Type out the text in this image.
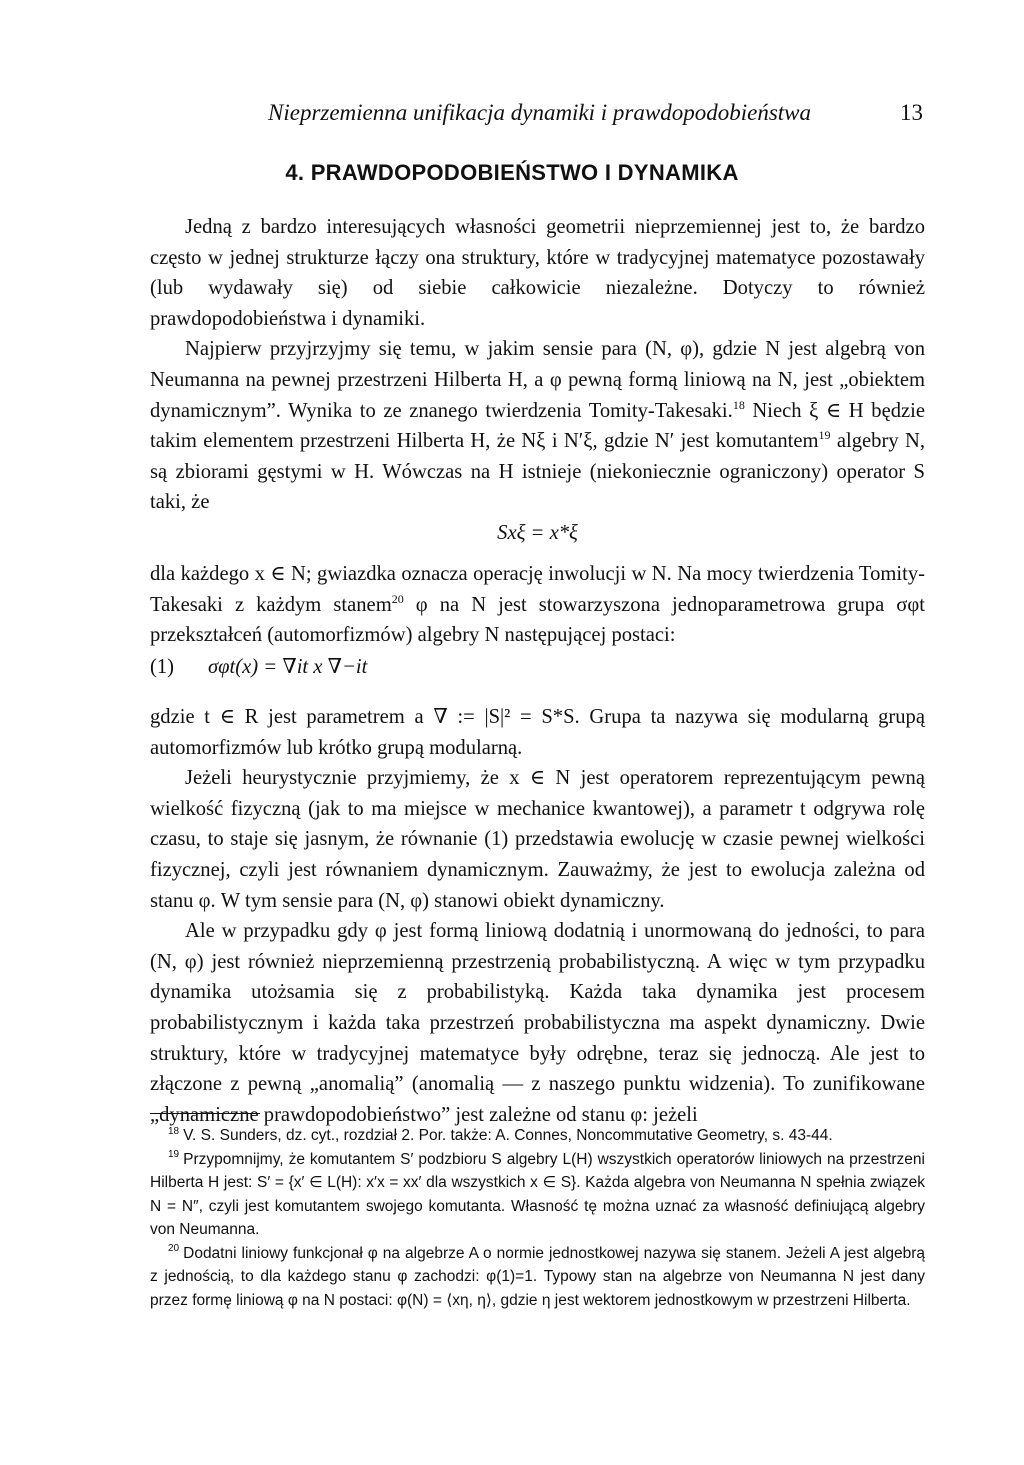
Nieprzemienna unifikacja dynamiki i prawdopodobieństwa	13
4. PRAWDOPODOBIEŃSTWO I DYNAMIKA

Jedną z bardzo interesujących własności geometrii nieprzemiennej jest to, że bardzo często w jednej strukturze łączy ona struktury, które w tradycyjnej matematyce pozostawały (lub wydawały się) od siebie całkowicie niezależne. Dotyczy to również prawdopodobieństwa i dynamiki.

Najpierw przyjrzyjmy się temu, w jakim sensie para (N, φ), gdzie N jest algebrą von Neumanna na pewnej przestrzeni Hilberta H, a φ pewną formą liniową na N, jest „obiektem dynamicznym”. Wynika to ze znanego twierdzenia Tomity-Takesaki.$^{18}$ Niech ξ ∈ H będzie takim elementem przestrzeni Hilberta H, że Nξ i N′ξ, gdzie N′ jest komutantem$^{19}$ algebry N, są zbiorami gęstymi w H. Wówczas na H istnieje (niekoniecznie ograniczony) operator S taki, że

Sxξ = x*ξ

dla każdego x ∈ N; gwiazdka oznacza operację inwolucji w N. Na mocy twierdzenia Tomity-Takesaki z każdym stanem$^{20}$ φ na N jest stowarzyszona jednoparametrowa grupa σφt przekształceń (automorfizmów) algebry N następującej postaci:

(1) σφt(x) = ∇it x ∇−it

gdzie t ∈ R jest parametrem a ∇ := |S|² = S*S. Grupa ta nazywa się modularną grupą automorfizmów lub krótko grupą modularną.

Jeżeli heurystycznie przyjmiemy, że x ∈ N jest operatorem reprezentującym pewną wielkość fizyczną (jak to ma miejsce w mechanice kwantowej), a parametr t odgrywa rolę czasu, to staje się jasnym, że równanie (1) przedstawia ewolucję w czasie pewnej wielkości fizycznej, czyli jest równaniem dynamicznym. Zauważmy, że jest to ewolucja zależna od stanu φ. W tym sensie para (N, φ) stanowi obiekt dynamiczny.

Ale w przypadku gdy φ jest formą liniową dodatnią i unormowaną do jedności, to para (N, φ) jest również nieprzemienną przestrzenią probabilistyczną. A więc w tym przypadku dynamika utożsamia się z probabilistyką. Każda taka dynamika jest procesem probabilistycznym i każda taka przestrzeń probabilistyczna ma aspekt dynamiczny. Dwie struktury, które w tradycyjnej matematyce były odrębne, teraz się jednoczą. Ale jest to złączone z pewną „anomalią” (anomalią — z naszego punktu widzenia). To zunifikowane „dynamiczne prawdopodobieństwo” jest zależne od stanu φ: jeżeli

$^{18}$ V. S. Sunders, dz. cyt., rozdział 2. Por. także: A. Connes, Noncommutative Geometry, s. 43-44.

$^{19}$ Przypomnijmy, że komutantem S′ podzbioru S algebry L(H) wszystkich operatorów liniowych na przestrzeni Hilberta H jest: S′ = {x′ ∈ L(H): x′x = xx′ dla wszystkich x ∈ S}. Każda algebra von Neumanna N spełnia związek N = N″, czyli jest komutantem swojego komutanta. Własność tę można uznać za własność definiującą algebry von Neumanna.

$^{20}$ Dodatni liniowy funkcjonał φ na algebrze A o normie jednostkowej nazywa się stanem. Jeżeli A jest algebrą z jednością, to dla każdego stanu φ zachodzi: φ(1)=1. Typowy stan na algebrze von Neumanna N jest dany przez formę liniową φ na N postaci: φ(N) = ⟨xη, η⟩, gdzie η jest wektorem jednostkowym w przestrzeni Hilberta.
